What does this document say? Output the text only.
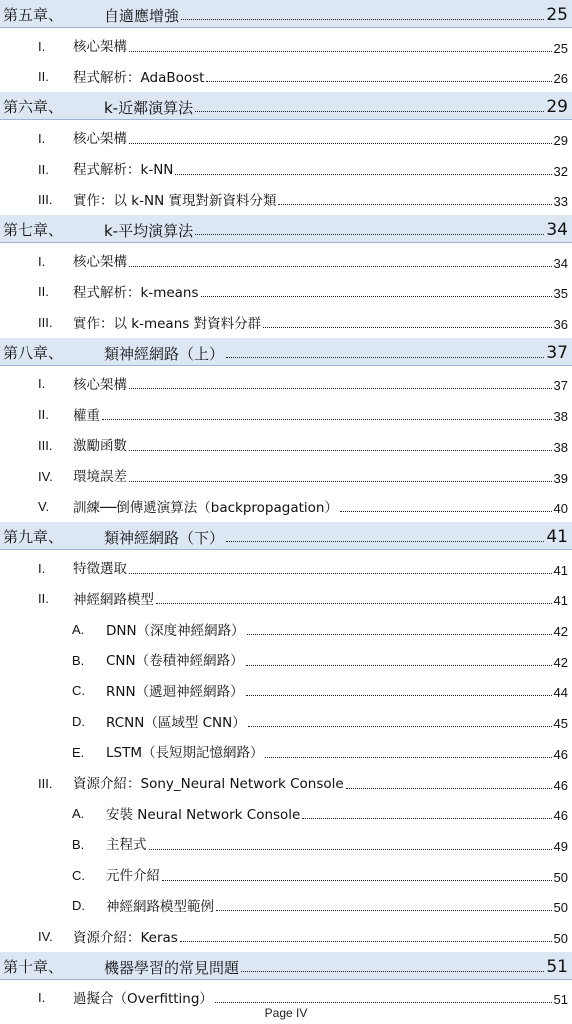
第五章、	自適應增強	25
I.	核心架構	25
II.	程式解析：AdaBoost	26
第六章、	k-近鄰演算法	29
I.	核心架構	29
II.	程式解析：k-NN	32
III.	實作：以 k-NN 實現對新資料分類	33
第七章、	k-平均演算法	34
I.	核心架構	34
II.	程式解析：k-means	35
III.	實作：以 k-means 對資料分群	36
第八章、	類神經網路（上）	37
I.	核心架構	37
II.	權重	38
III.	激勵函數	38
IV.	環境誤差	39
V.	訓練──倒傳遞演算法（backpropagation）	40
第九章、	類神經網路（下）	41
I.	特徵選取	41
II.	神經網路模型	41
A.	DNN（深度神經網路）	42
B.	CNN（卷積神經網路）	42
C.	RNN（遞迴神經網路）	44
D.	RCNN（區域型 CNN）	45
E.	LSTM（長短期記憶網路）	46
III.	資源介紹：Sony_Neural Network Console	46
A.	安裝 Neural Network Console	46
B.	主程式	49
C.	元件介紹	50
D.	神經網路模型範例	50
IV.	資源介紹：Keras	50
第十章、	機器學習的常見問題	51
I.	過擬合（Overfitting）	51
Page IV
